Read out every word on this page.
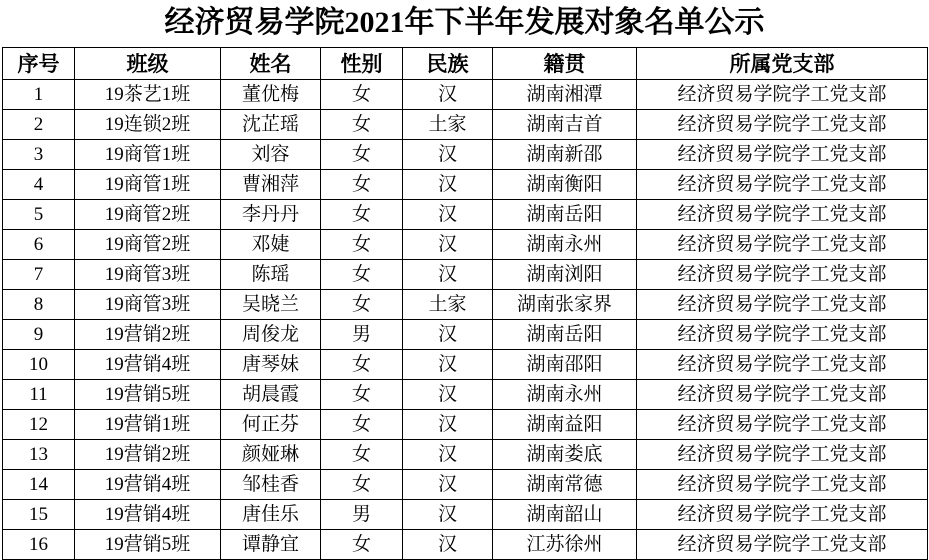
经济贸易学院2021年下半年发展对象名单公示
序号	班级	姓名	性别	民族	籍贯	所属党支部
1	19茶艺1班	董优梅	女	汉	湖南湘潭	经济贸易学院学工党支部
2	19连锁2班	沈芷瑶	女	土家	湖南吉首	经济贸易学院学工党支部
3	19商管1班	刘容	女	汉	湖南新邵	经济贸易学院学工党支部
4	19商管1班	曹湘萍	女	汉	湖南衡阳	经济贸易学院学工党支部
5	19商管2班	李丹丹	女	汉	湖南岳阳	经济贸易学院学工党支部
6	19商管2班	邓婕	女	汉	湖南永州	经济贸易学院学工党支部
7	19商管3班	陈瑶	女	汉	湖南浏阳	经济贸易学院学工党支部
8	19商管3班	吴晓兰	女	土家	湖南张家界	经济贸易学院学工党支部
9	19营销2班	周俊龙	男	汉	湖南岳阳	经济贸易学院学工党支部
10	19营销4班	唐琴妹	女	汉	湖南邵阳	经济贸易学院学工党支部
11	19营销5班	胡晨霞	女	汉	湖南永州	经济贸易学院学工党支部
12	19营销1班	何正芬	女	汉	湖南益阳	经济贸易学院学工党支部
13	19营销2班	颜娅琳	女	汉	湖南娄底	经济贸易学院学工党支部
14	19营销4班	邹桂香	女	汉	湖南常德	经济贸易学院学工党支部
15	19营销4班	唐佳乐	男	汉	湖南韶山	经济贸易学院学工党支部
16	19营销5班	谭静宜	女	汉	江苏徐州	经济贸易学院学工党支部
